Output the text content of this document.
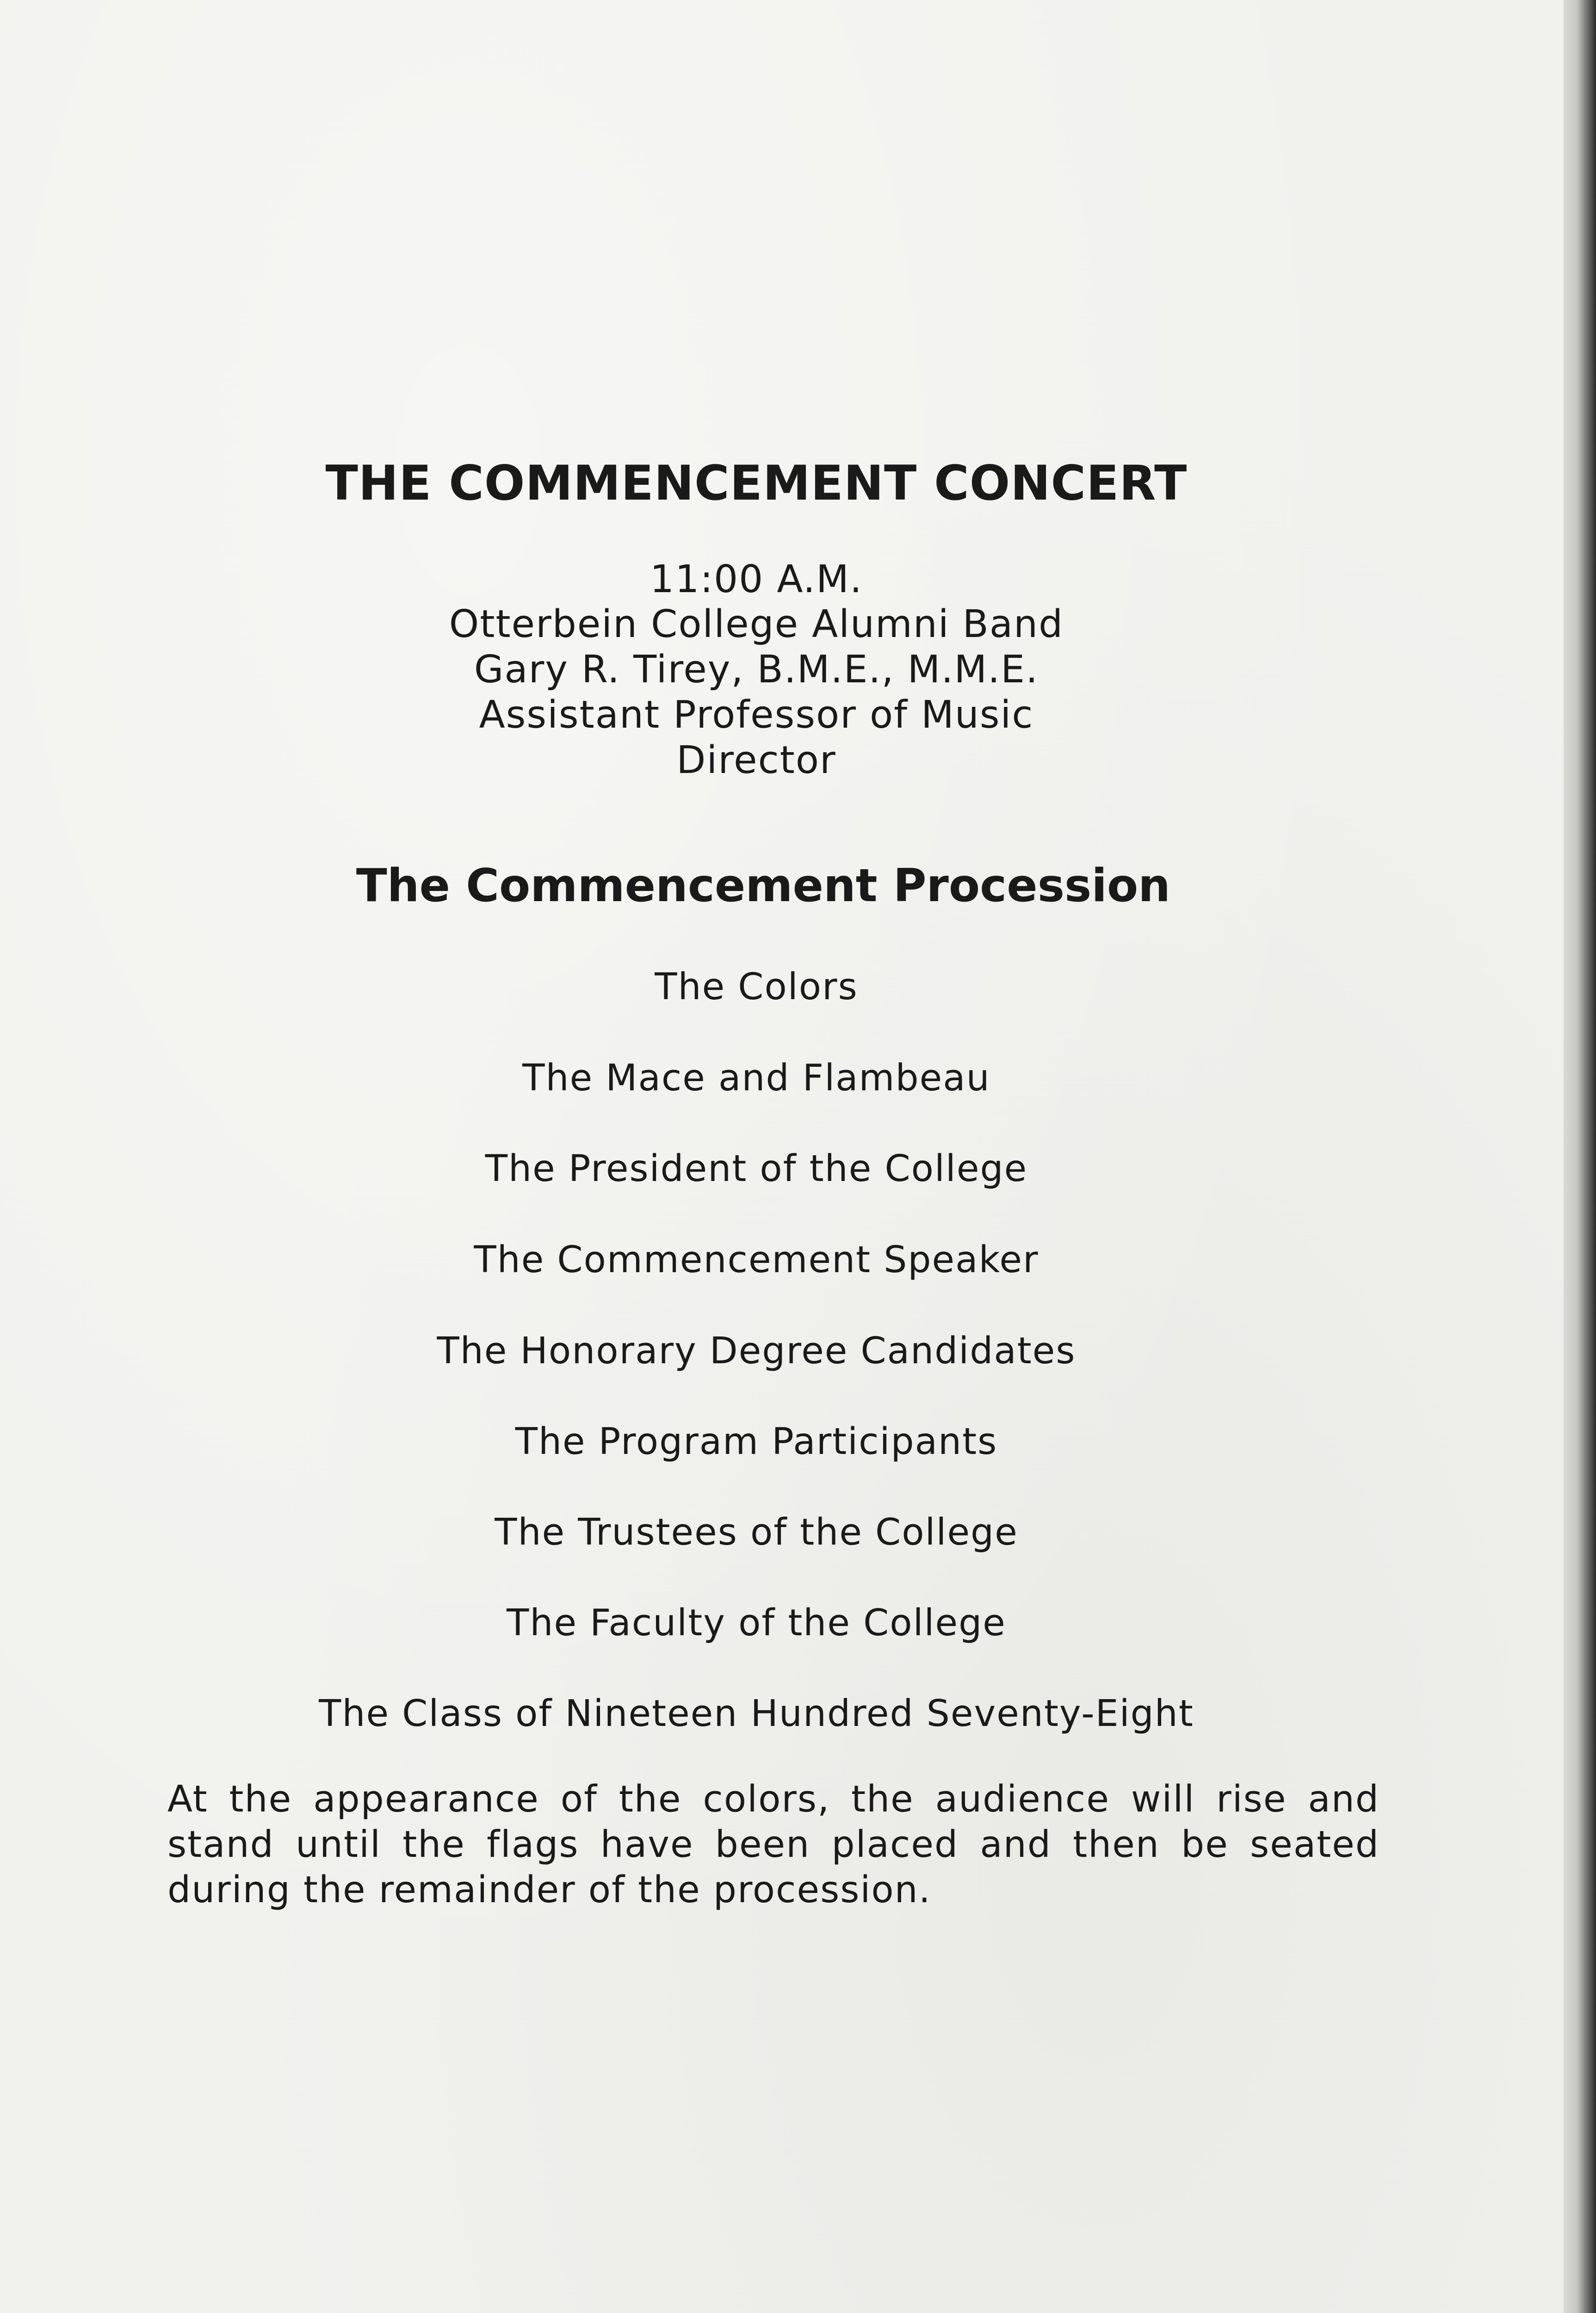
THE COMMENCEMENT CONCERT
11:00 A.M.
Otterbein College Alumni Band
Gary R. Tirey, B.M.E., M.M.E.
Assistant Professor of Music
Director
The Commencement Procession
The Colors
The Mace and Flambeau
The President of the College
The Commencement Speaker
The Honorary Degree Candidates
The Program Participants
The Trustees of the College
The Faculty of the College
The Class of Nineteen Hundred Seventy-Eight
At the appearance of the colors, the audience will rise and stand until the flags have been placed and then be seated during the remainder of the procession.
